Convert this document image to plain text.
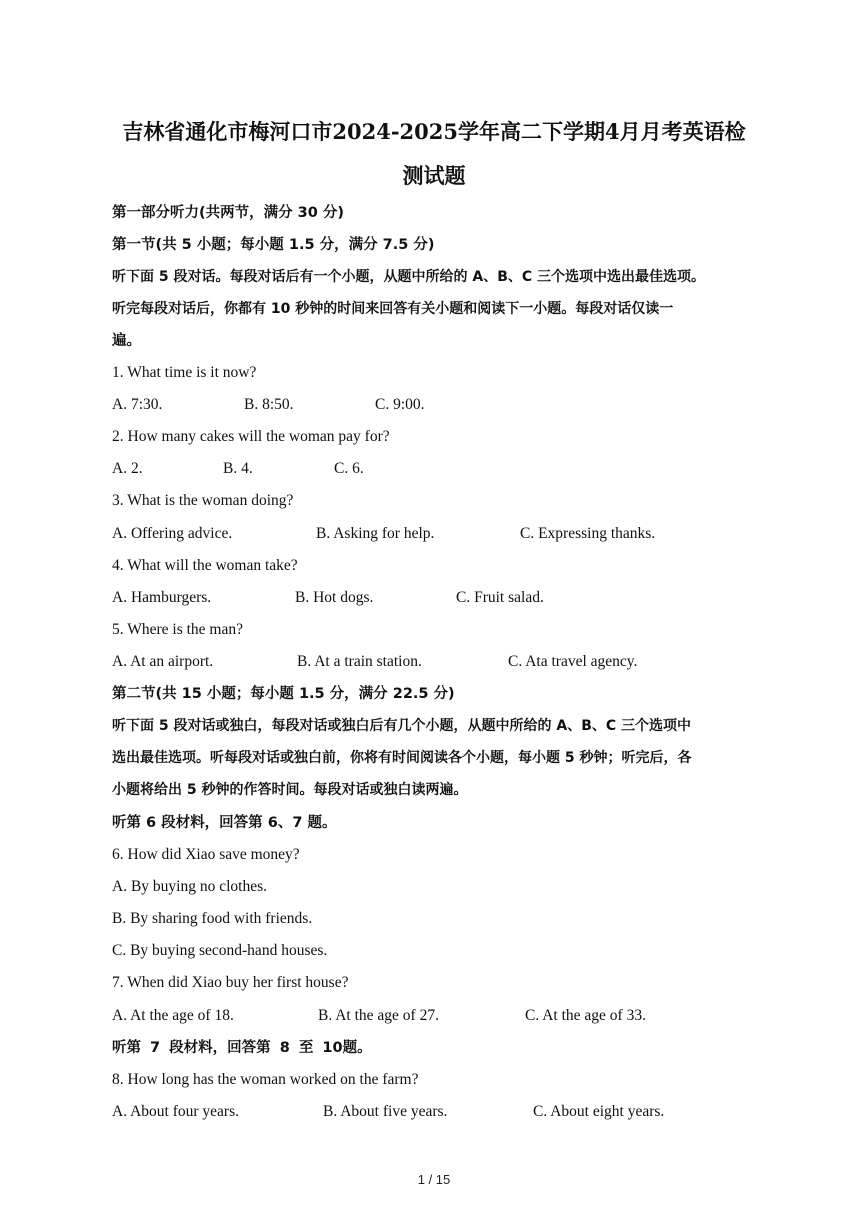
吉林省通化市梅河口市2024-2025学年高二下学期4月月考英语检
测试题
第一部分听力(共两节，满分 30 分)
第一节(共 5 小题；每小题 1.5 分，满分 7.5 分)
听下面 5 段对话。每段对话后有一个小题，从题中所给的 A、B、C 三个选项中选出最佳选项。
听完每段对话后，你都有 10 秒钟的时间来回答有关小题和阅读下一小题。每段对话仅读一
遍。
1. What time is it now?
A. 7:30.	B. 8:50.	C. 9:00.
2. How many cakes will the woman pay for?
A. 2.	B. 4.	C. 6.
3. What is the woman doing?
A. Offering advice.	B. Asking for help.	C. Expressing thanks.
4. What will the woman take?
A. Hamburgers.	B. Hot dogs.	C. Fruit salad.
5. Where is the man?
A. At an airport.	B. At a train station.	C. Ata travel agency.
第二节(共 15 小题；每小题 1.5 分，满分 22.5 分)
听下面 5 段对话或独白，每段对话或独白后有几个小题，从题中所给的 A、B、C 三个选项中
选出最佳选项。听每段对话或独白前，你将有时间阅读各个小题，每小题 5 秒钟；听完后，各
小题将给出 5 秒钟的作答时间。每段对话或独白读两遍。
听第 6 段材料，回答第 6、7 题。
6. How did Xiao save money?
A. By buying no clothes.
B. By sharing food with friends.
C. By buying second-hand houses.
7. When did Xiao buy her first house?
A. At the age of 18.	B. At the age of 27.	C. At the age of 33.
听第 7 段材料，回答第 8 至 10题。
8. How long has the woman worked on the farm?
A. About four years.	B. About five years.	C. About eight years.
1 / 15
